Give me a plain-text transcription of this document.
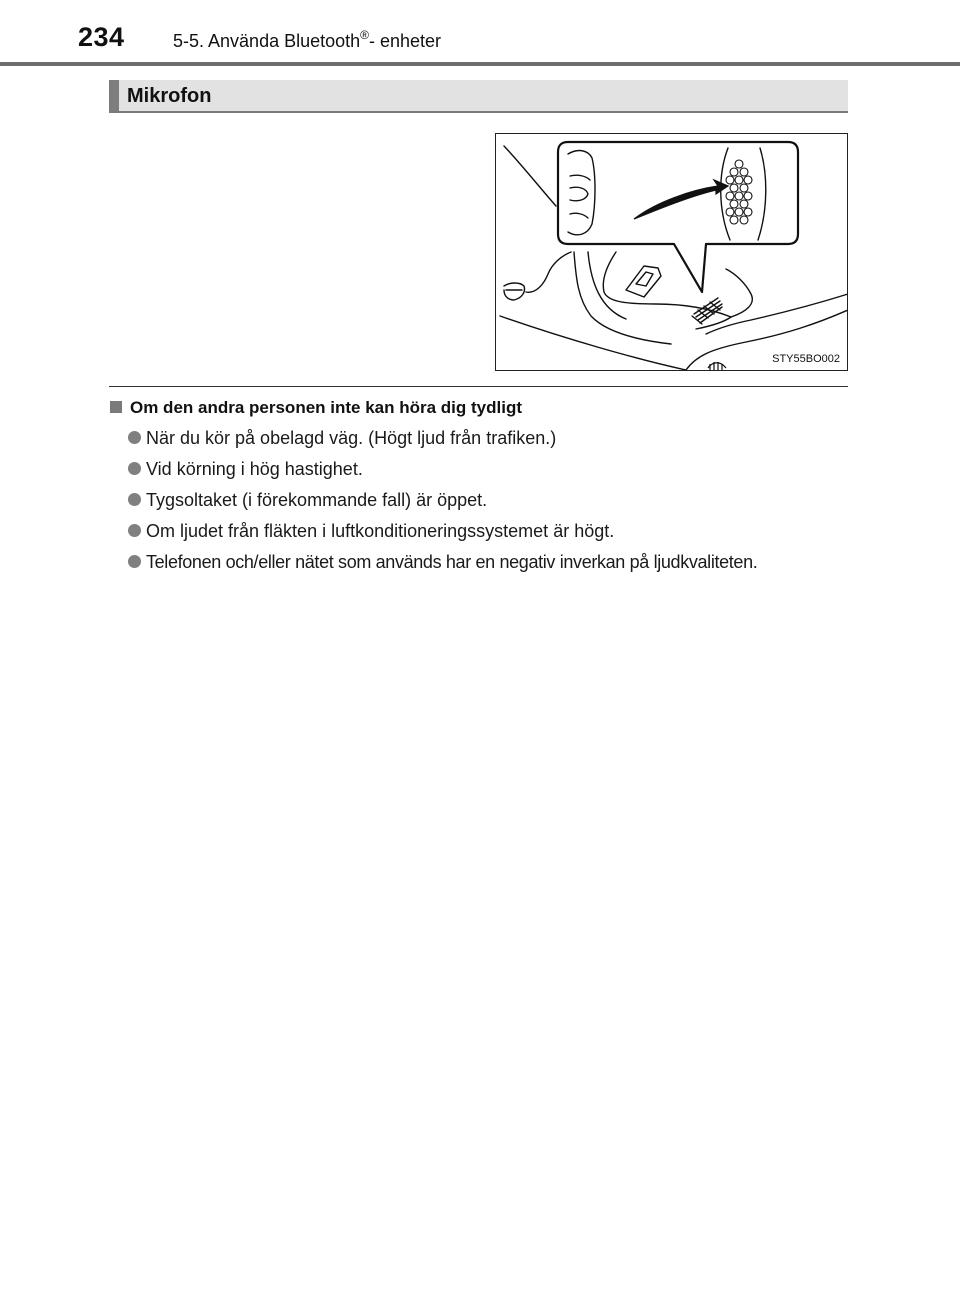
234	5-5. Använda Bluetooth®- enheter
Mikrofon
STY55BO002
Om den andra personen inte kan höra dig tydligt
När du kör på obelagd väg. (Högt ljud från trafiken.)
Vid körning i hög hastighet.
Tygsoltaket (i förekommande fall) är öppet.
Om ljudet från fläkten i luftkonditioneringssystemet är högt.
Telefonen och/eller nätet som används har en negativ inverkan på ljudkvaliteten.
